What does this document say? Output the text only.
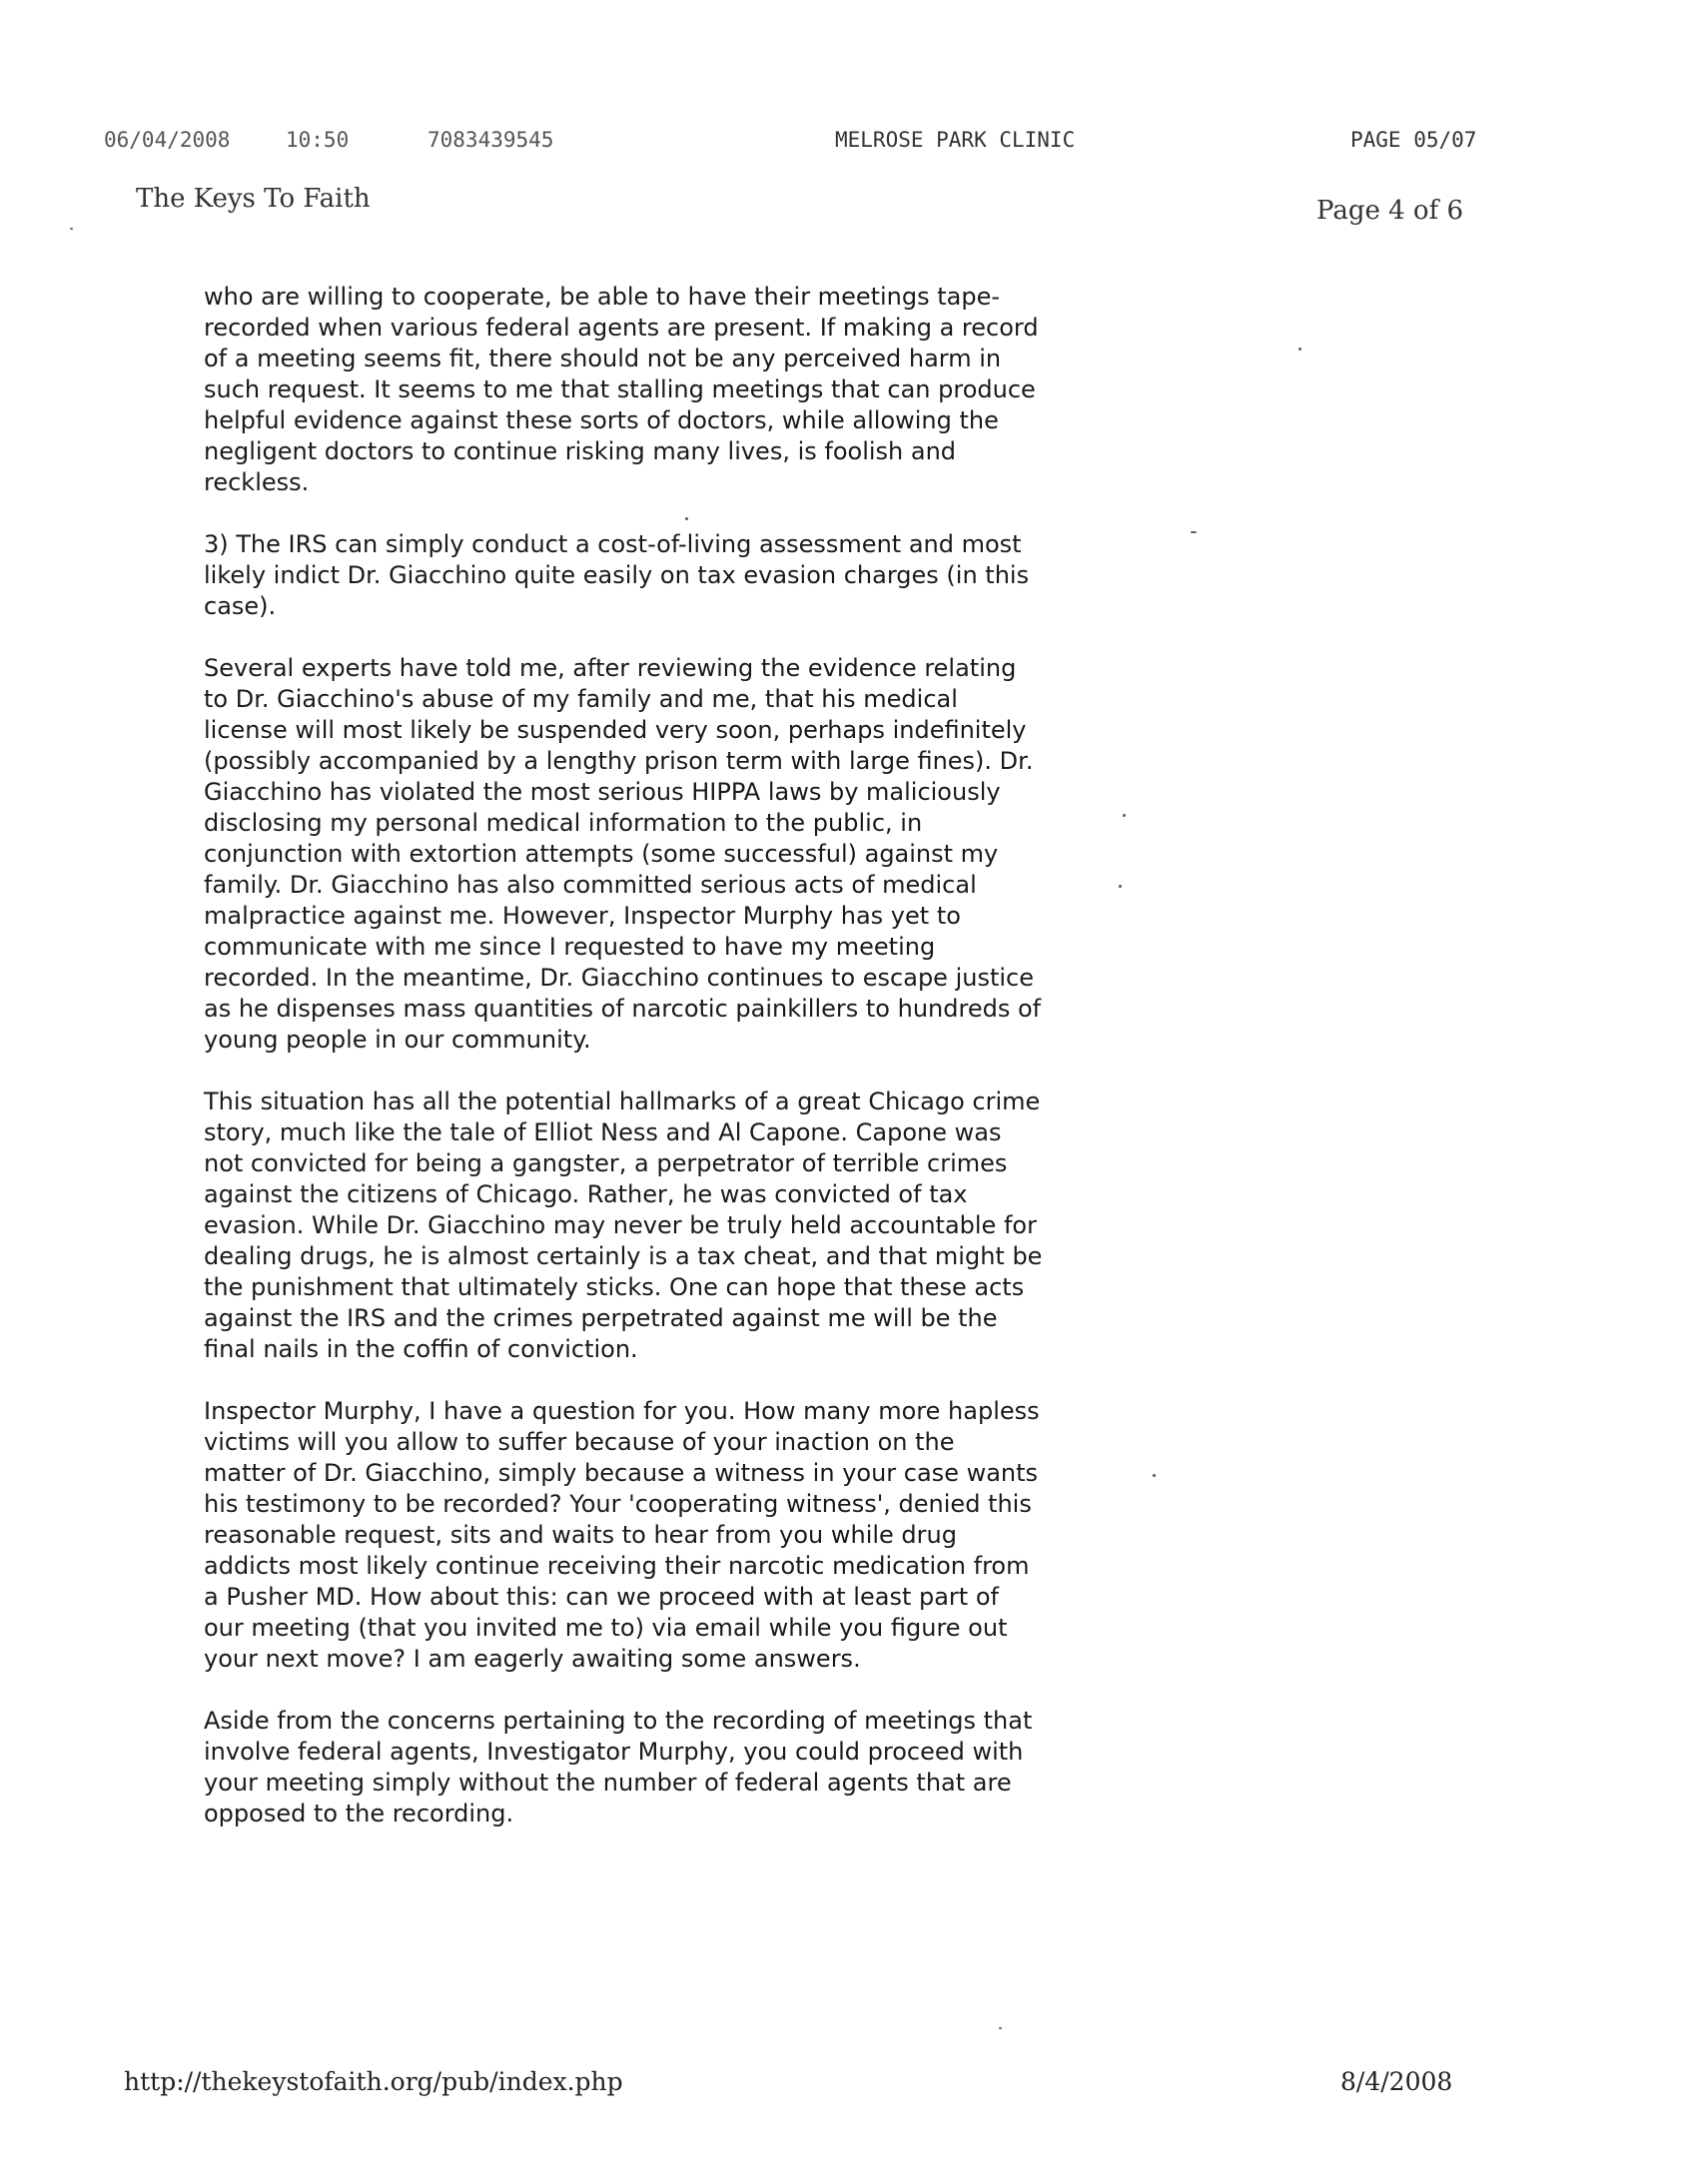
06/04/2008	10:50	7083439545	MELROSE PARK CLINIC	PAGE 05/07
The Keys To Faith	Page 4 of 6

who are willing to cooperate, be able to have their meetings tape-recorded when various federal agents are present. If making a record of a meeting seems fit, there should not be any perceived harm in such request. It seems to me that stalling meetings that can produce helpful evidence against these sorts of doctors, while allowing the negligent doctors to continue risking many lives, is foolish and reckless.

3) The IRS can simply conduct a cost-of-living assessment and most likely indict Dr. Giacchino quite easily on tax evasion charges (in this case).

Several experts have told me, after reviewing the evidence relating to Dr. Giacchino's abuse of my family and me, that his medical license will most likely be suspended very soon, perhaps indefinitely (possibly accompanied by a lengthy prison term with large fines). Dr. Giacchino has violated the most serious HIPPA laws by maliciously disclosing my personal medical information to the public, in conjunction with extortion attempts (some successful) against my family. Dr. Giacchino has also committed serious acts of medical malpractice against me. However, Inspector Murphy has yet to communicate with me since I requested to have my meeting recorded. In the meantime, Dr. Giacchino continues to escape justice as he dispenses mass quantities of narcotic painkillers to hundreds of young people in our community.

This situation has all the potential hallmarks of a great Chicago crime story, much like the tale of Elliot Ness and Al Capone. Capone was not convicted for being a gangster, a perpetrator of terrible crimes against the citizens of Chicago. Rather, he was convicted of tax evasion. While Dr. Giacchino may never be truly held accountable for dealing drugs, he is almost certainly is a tax cheat, and that might be the punishment that ultimately sticks. One can hope that these acts against the IRS and the crimes perpetrated against me will be the final nails in the coffin of conviction.

Inspector Murphy, I have a question for you. How many more hapless victims will you allow to suffer because of your inaction on the matter of Dr. Giacchino, simply because a witness in your case wants his testimony to be recorded? Your 'cooperating witness', denied this reasonable request, sits and waits to hear from you while drug addicts most likely continue receiving their narcotic medication from a Pusher MD. How about this: can we proceed with at least part of our meeting (that you invited me to) via email while you figure out your next move? I am eagerly awaiting some answers.

Aside from the concerns pertaining to the recording of meetings that involve federal agents, Investigator Murphy, you could proceed with your meeting simply without the number of federal agents that are opposed to the recording.

http://thekeystofaith.org/pub/index.php	8/4/2008
